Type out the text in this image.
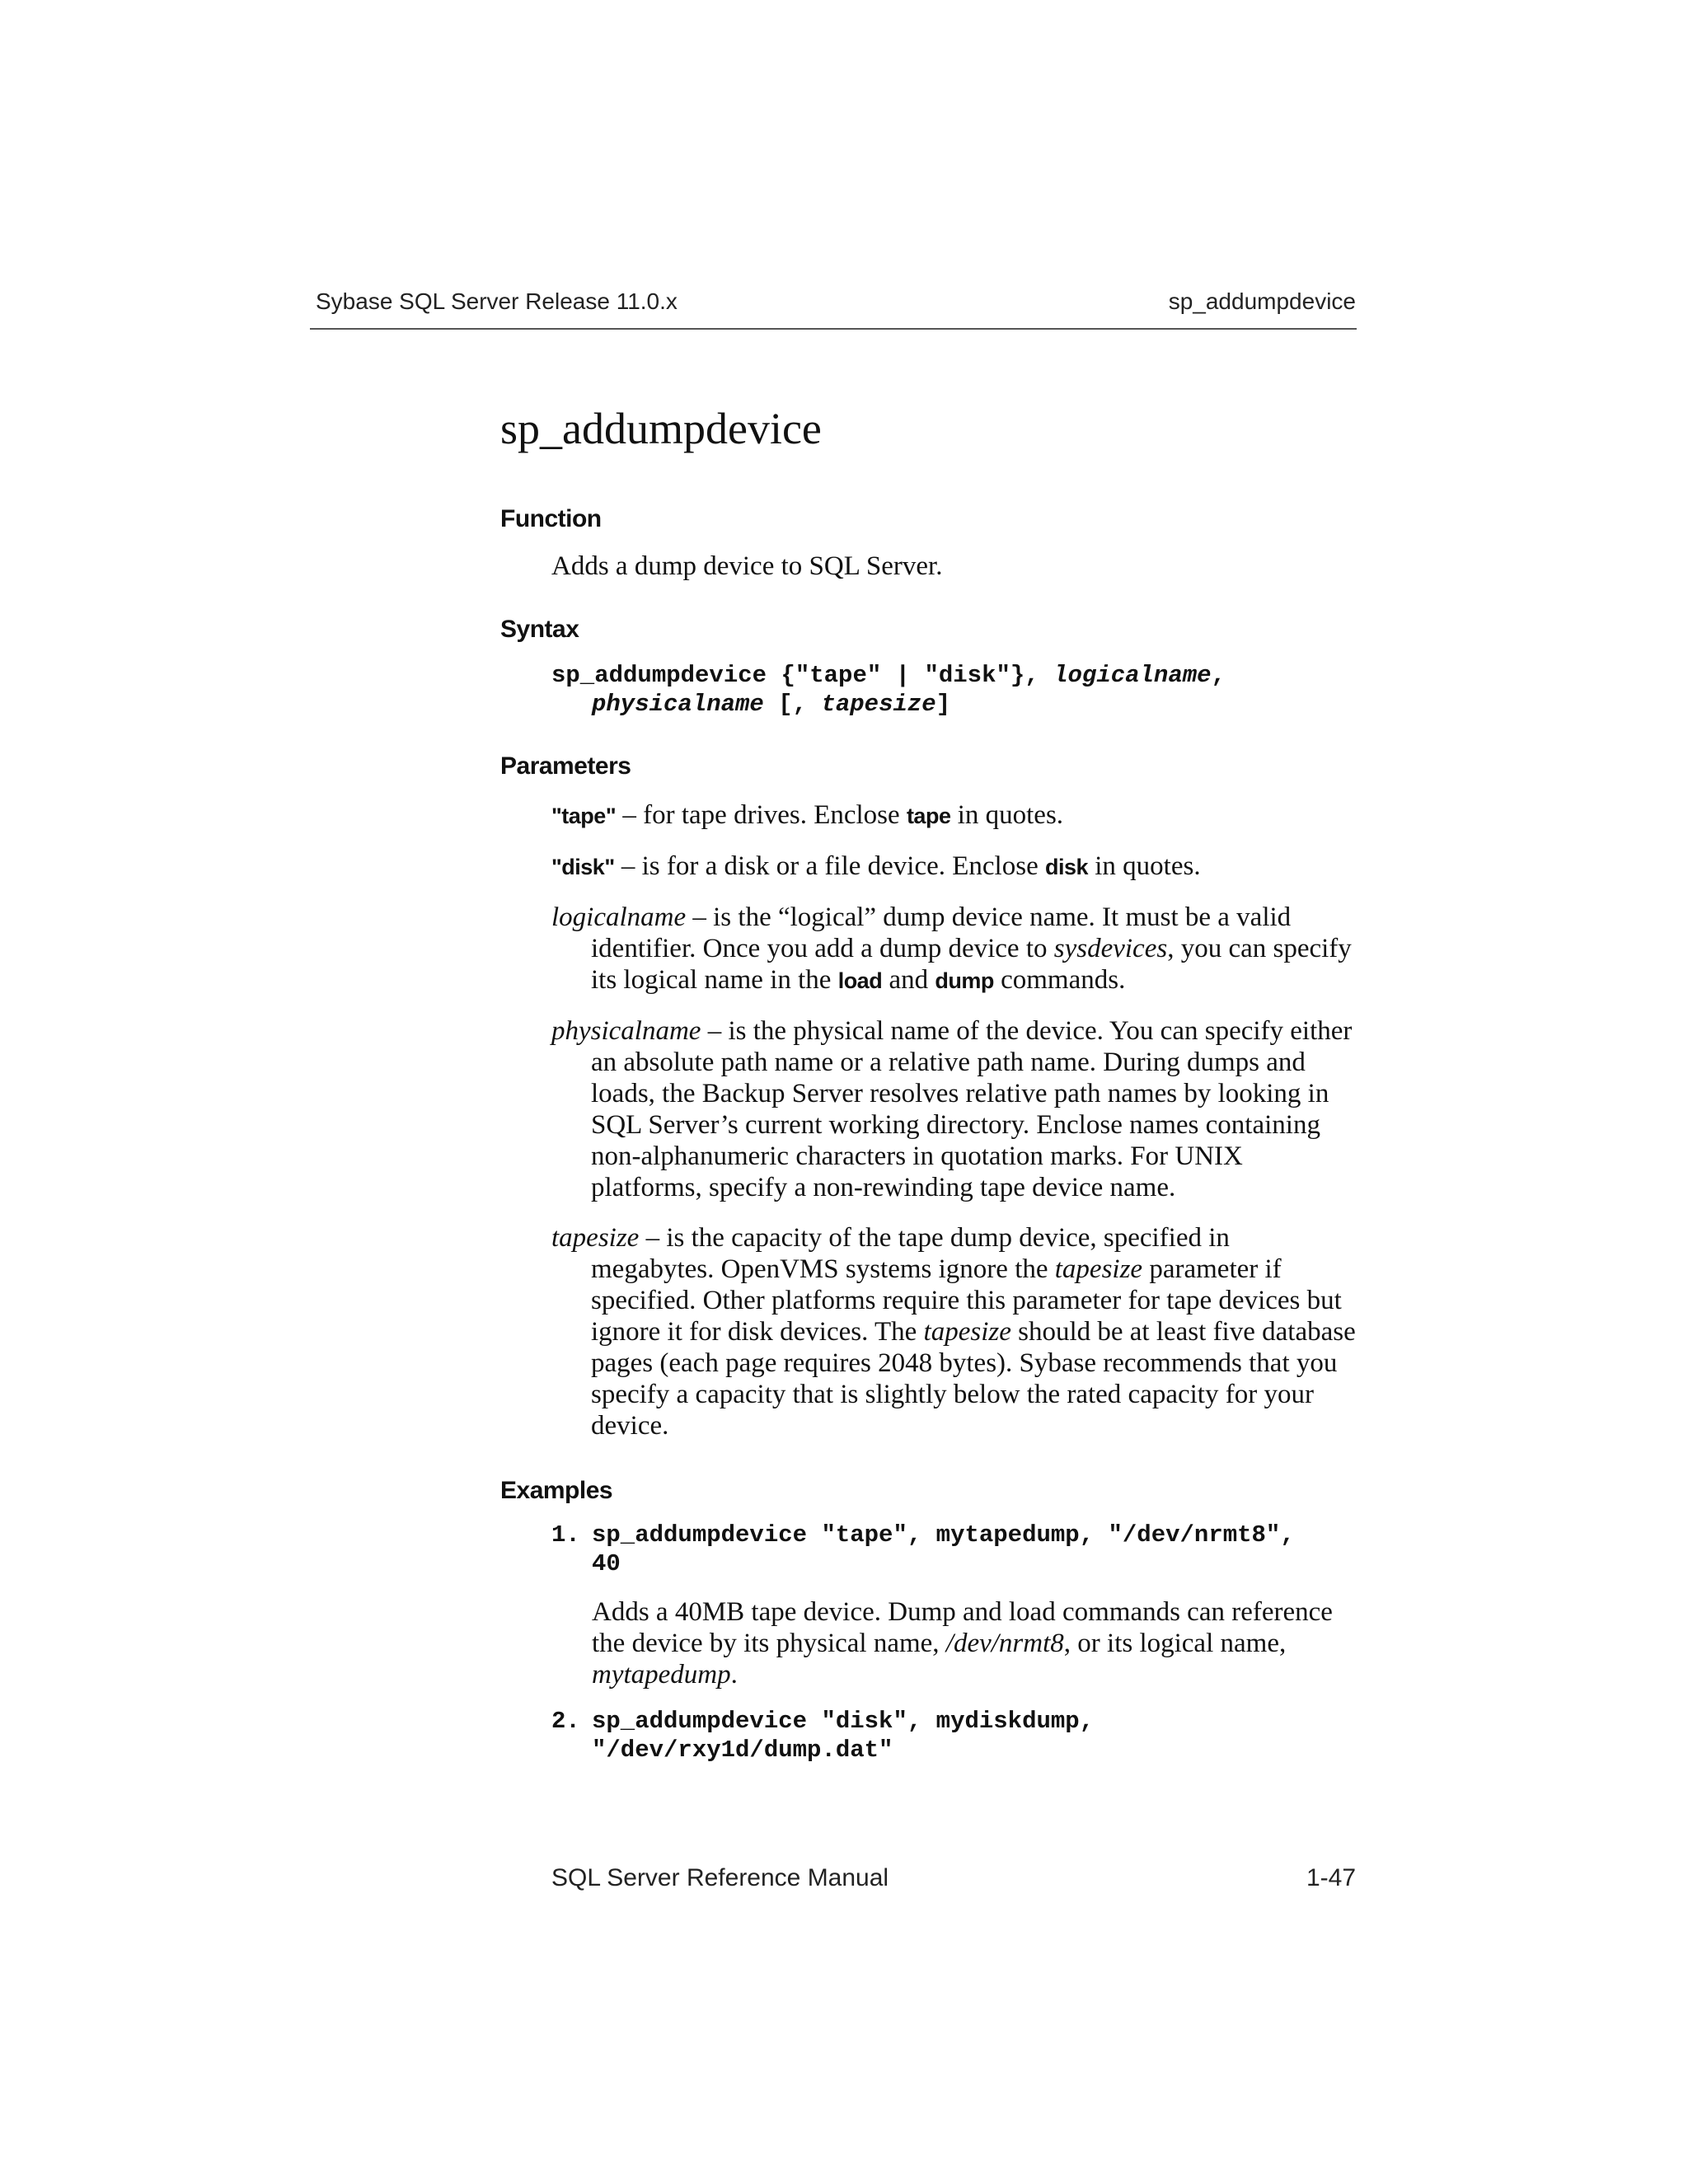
Sybase SQL Server Release 11.0.x	sp_addumpdevice
sp_addumpdevice
Function
Adds a dump device to SQL Server.
Syntax
sp_addumpdevice {"tape" | "disk"}, logicalname,
physicalname [, tapesize]
Parameters
"tape" – for tape drives. Enclose tape in quotes.
"disk" – is for a disk or a file device. Enclose disk in quotes.
logicalname – is the “logical” dump device name. It must be a valid identifier. Once you add a dump device to sysdevices, you can specify its logical name in the load and dump commands.
physicalname – is the physical name of the device. You can specify either an absolute path name or a relative path name. During dumps and loads, the Backup Server resolves relative path names by looking in SQL Server’s current working directory. Enclose names containing non-alphanumeric characters in quotation marks. For UNIX platforms, specify a non-rewinding tape device name.
tapesize – is the capacity of the tape dump device, specified in megabytes. OpenVMS systems ignore the tapesize parameter if specified. Other platforms require this parameter for tape devices but ignore it for disk devices. The tapesize should be at least five database pages (each page requires 2048 bytes). Sybase recommends that you specify a capacity that is slightly below the rated capacity for your device.
Examples
1. sp_addumpdevice "tape", mytapedump, "/dev/nrmt8",
40
Adds a 40MB tape device. Dump and load commands can reference the device by its physical name, /dev/nrmt8, or its logical name, mytapedump.
2. sp_addumpdevice "disk", mydiskdump,
"/dev/rxy1d/dump.dat"
SQL Server Reference Manual	1-47
